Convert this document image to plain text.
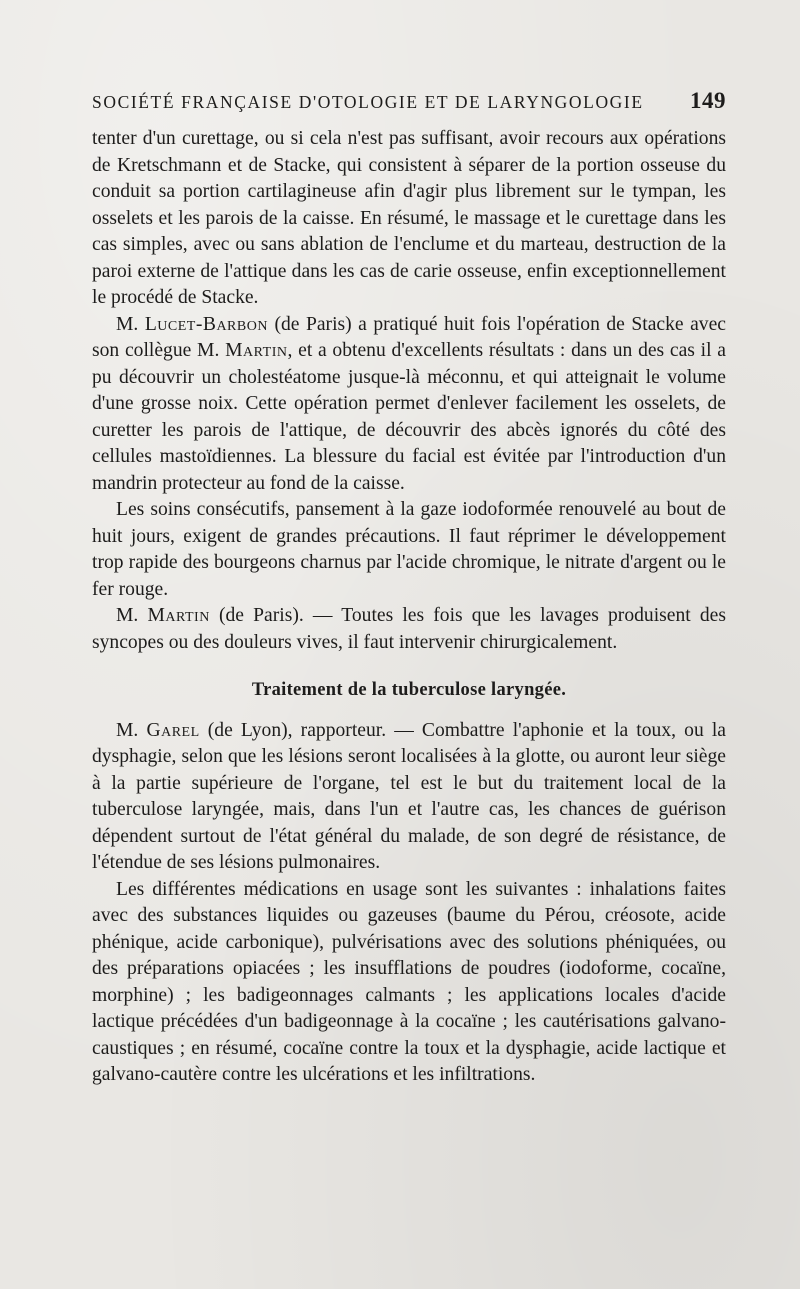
SOCIÉTÉ FRANÇAISE D'OTOLOGIE ET DE LARYNGOLOGIE 149

tenter d'un curettage, ou si cela n'est pas suffisant, avoir recours aux opérations de Kretschmann et de Stacke, qui consistent à séparer de la portion osseuse du conduit sa portion cartilagineuse afin d'agir plus librement sur le tympan, les osselets et les parois de la caisse. En résumé, le massage et le curettage dans les cas simples, avec ou sans ablation de l'enclume et du marteau, destruction de la paroi externe de l'attique dans les cas de carie osseuse, enfin exceptionnellement le procédé de Stacke.

M. Lucet-Barbon (de Paris) a pratiqué huit fois l'opération de Stacke avec son collègue M. Martin, et a obtenu d'excellents résultats : dans un des cas il a pu découvrir un cholestéatome jusque-là méconnu, et qui atteignait le volume d'une grosse noix. Cette opération permet d'enlever facilement les osselets, de curetter les parois de l'attique, de découvrir des abcès ignorés du côté des cellules mastoïdiennes. La blessure du facial est évitée par l'introduction d'un mandrin protecteur au fond de la caisse.

Les soins consécutifs, pansement à la gaze iodoformée renouvelé au bout de huit jours, exigent de grandes précautions. Il faut réprimer le développement trop rapide des bourgeons charnus par l'acide chromique, le nitrate d'argent ou le fer rouge.

M. Martin (de Paris). — Toutes les fois que les lavages produisent des syncopes ou des douleurs vives, il faut intervenir chirurgicalement.

Traitement de la tuberculose laryngée.

M. Garel (de Lyon), rapporteur. — Combattre l'aphonie et la toux, ou la dysphagie, selon que les lésions seront localisées à la glotte, ou auront leur siège à la partie supérieure de l'organe, tel est le but du traitement local de la tuberculose laryngée, mais, dans l'un et l'autre cas, les chances de guérison dépendent surtout de l'état général du malade, de son degré de résistance, de l'étendue de ses lésions pulmonaires.

Les différentes médications en usage sont les suivantes : inhalations faites avec des substances liquides ou gazeuses (baume du Pérou, créosote, acide phénique, acide carbonique), pulvérisations avec des solutions phéniquées, ou des préparations opiacées ; les insufflations de poudres (iodoforme, cocaïne, morphine) ; les badigeonnages calmants ; les applications locales d'acide lactique précédées d'un badigeonnage à la cocaïne ; les cautérisations galvano-caustiques ; en résumé, cocaïne contre la toux et la dysphagie, acide lactique et galvano-cautère contre les ulcérations et les infiltrations.
